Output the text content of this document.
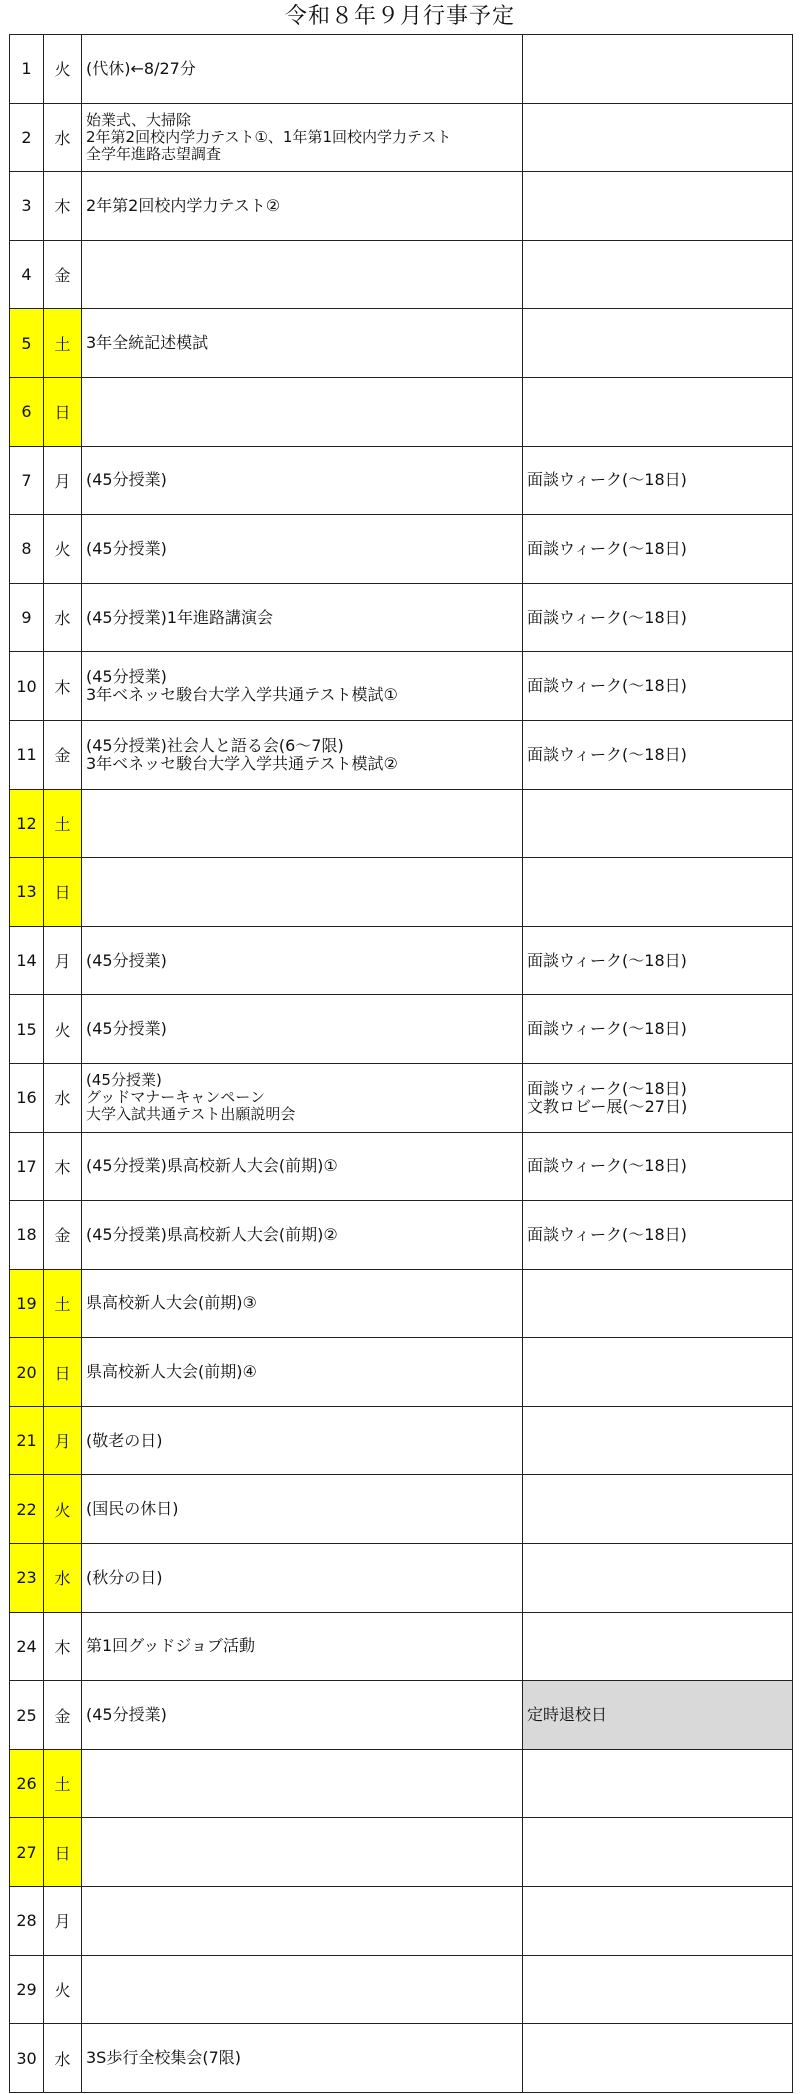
令和８年９月行事予定
1	火	(代休)←8/27分	

2	水	始業式、大掃除
2年第2回校内学力テスト①、1年第1回校内学力テスト
全学年進路志望調査	

3	木	2年第2回校内学力テスト②	

4	金		
5	土	3年全統記述模試	

6	日		
7	月	(45分授業)	面談ウィーク(～18日)

8	火	(45分授業)	面談ウィーク(～18日)

9	水	(45分授業)1年進路講演会	面談ウィーク(～18日)

10	木	(45分授業)
3年ベネッセ駿台大学入学共通テスト模試①	面談ウィーク(～18日)

11	金	(45分授業)社会人と語る会(6～7限)
3年ベネッセ駿台大学入学共通テスト模試②	面談ウィーク(～18日)

12	土		
13	日		
14	月	(45分授業)	面談ウィーク(～18日)

15	火	(45分授業)	面談ウィーク(～18日)

16	水	(45分授業)
グッドマナーキャンペーン
大学入試共通テスト出願説明会	面談ウィーク(～18日)
文教ロビー展(～27日)

17	木	(45分授業)県高校新人大会(前期)①	面談ウィーク(～18日)

18	金	(45分授業)県高校新人大会(前期)②	面談ウィーク(～18日)

19	土	県高校新人大会(前期)③	

20	日	県高校新人大会(前期)④	

21	月	(敬老の日)	

22	火	(国民の休日)	

23	水	(秋分の日)	

24	木	第1回グッドジョブ活動	

25	金	(45分授業)	定時退校日

26	土		
27	日		
28	月		
29	火		
30	水	3S歩行全校集会(7限)	
